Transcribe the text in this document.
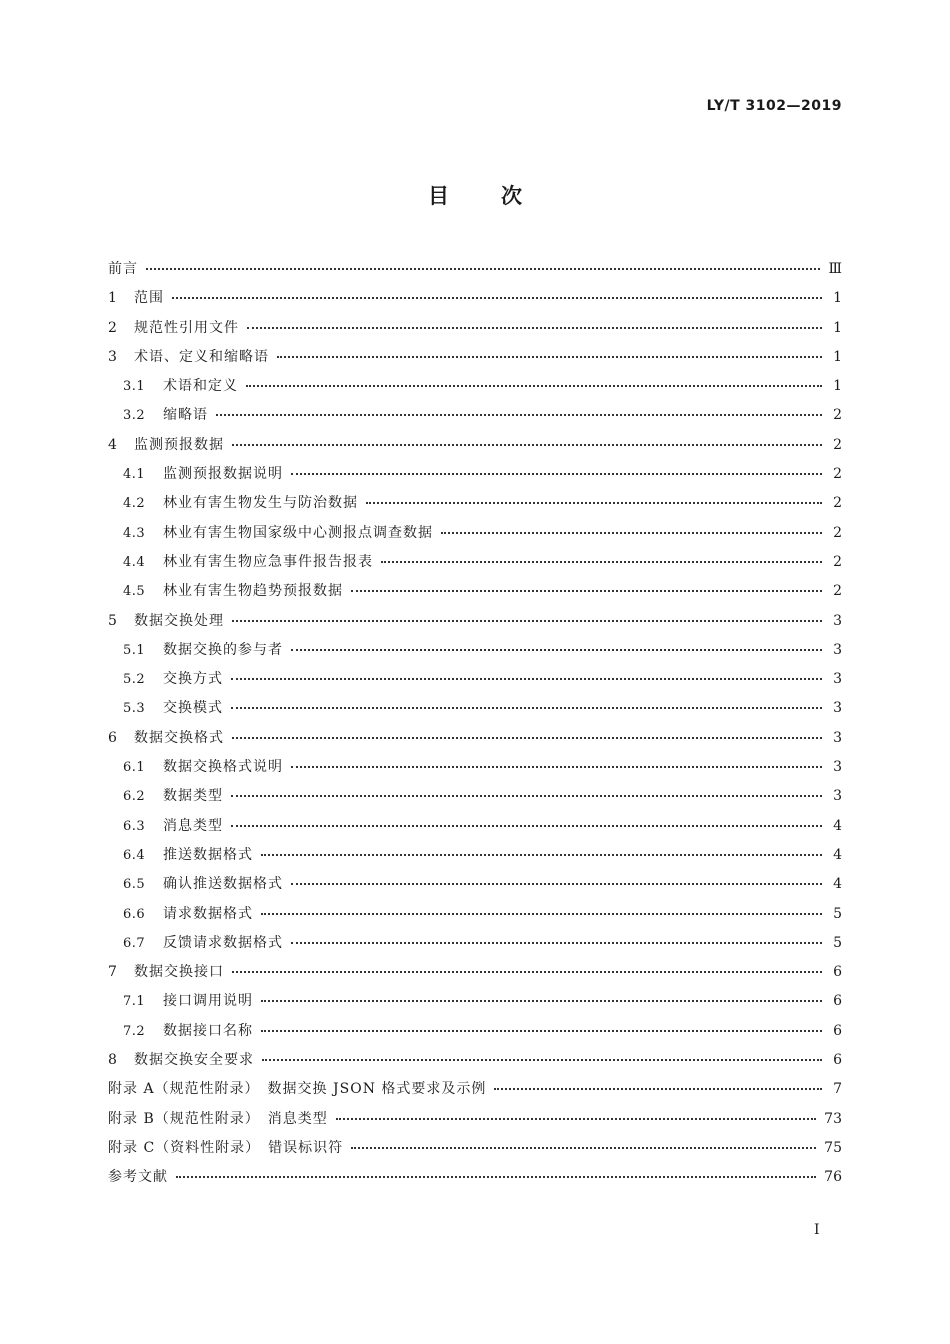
LY/T 3102—2019
目 次
前言	Ⅲ
1	范围	1
2	规范性引用文件	1
3	术语、定义和缩略语	1
3.1	术语和定义	1
3.2	缩略语	2
4	监测预报数据	2
4.1	监测预报数据说明	2
4.2	林业有害生物发生与防治数据	2
4.3	林业有害生物国家级中心测报点调查数据	2
4.4	林业有害生物应急事件报告报表	2
4.5	林业有害生物趋势预报数据	2
5	数据交换处理	3
5.1	数据交换的参与者	3
5.2	交换方式	3
5.3	交换模式	3
6	数据交换格式	3
6.1	数据交换格式说明	3
6.2	数据类型	3
6.3	消息类型	4
6.4	推送数据格式	4
6.5	确认推送数据格式	4
6.6	请求数据格式	5
6.7	反馈请求数据格式	5
7	数据交换接口	6
7.1	接口调用说明	6
7.2	数据接口名称	6
8	数据交换安全要求	6
附录 A（规范性附录）　数据交换 JSON 格式要求及示例	7
附录 B（规范性附录）　消息类型	73
附录 C（资料性附录）　错误标识符	75
参考文献	76
I
